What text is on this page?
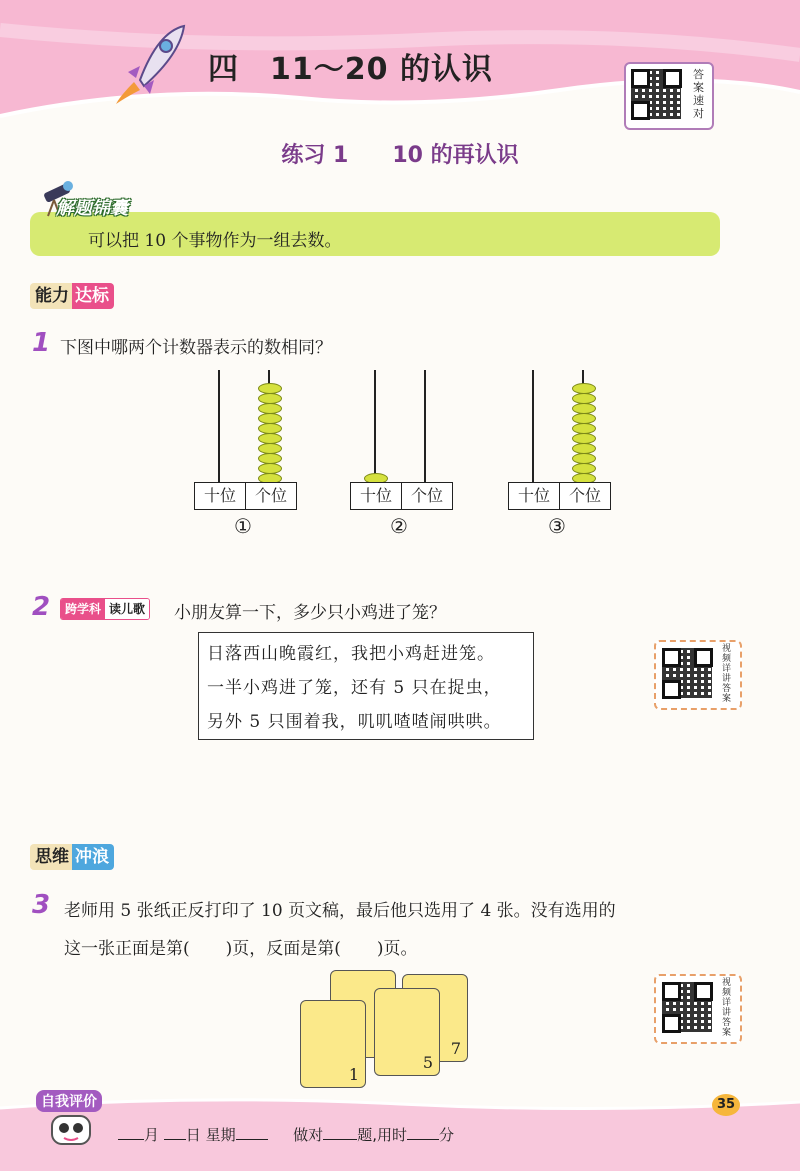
四　11～20 的认识	答
案
速
对
练习 1　　10 的再认识
解题锦囊
可以把 10 个事物作为一组去数。
能力 达标
1 下图中哪两个计数器表示的数相同？
十位	个位
①
十位	个位
②
十位	个位
③
2	跨学科 读儿歌 小朋友算一下，多少只小鸡进了笼？
日落西山晚霞红，我把小鸡赶进笼。
一半小鸡进了笼，还有 5 只在捉虫，
另外 5 只围着我，叽叽喳喳闹哄哄。
视
频
详
讲
答
案
思维 冲浪
3 老师用 5 张纸正反打印了 10 页文稿，最后他只选用了 4 张。没有选用的
这一张正面是第( )页，反面是第( )页。
7
5
1
视
频
详
讲
答
案
自我评价
月 日 星期	做对 题,用时 分
35
